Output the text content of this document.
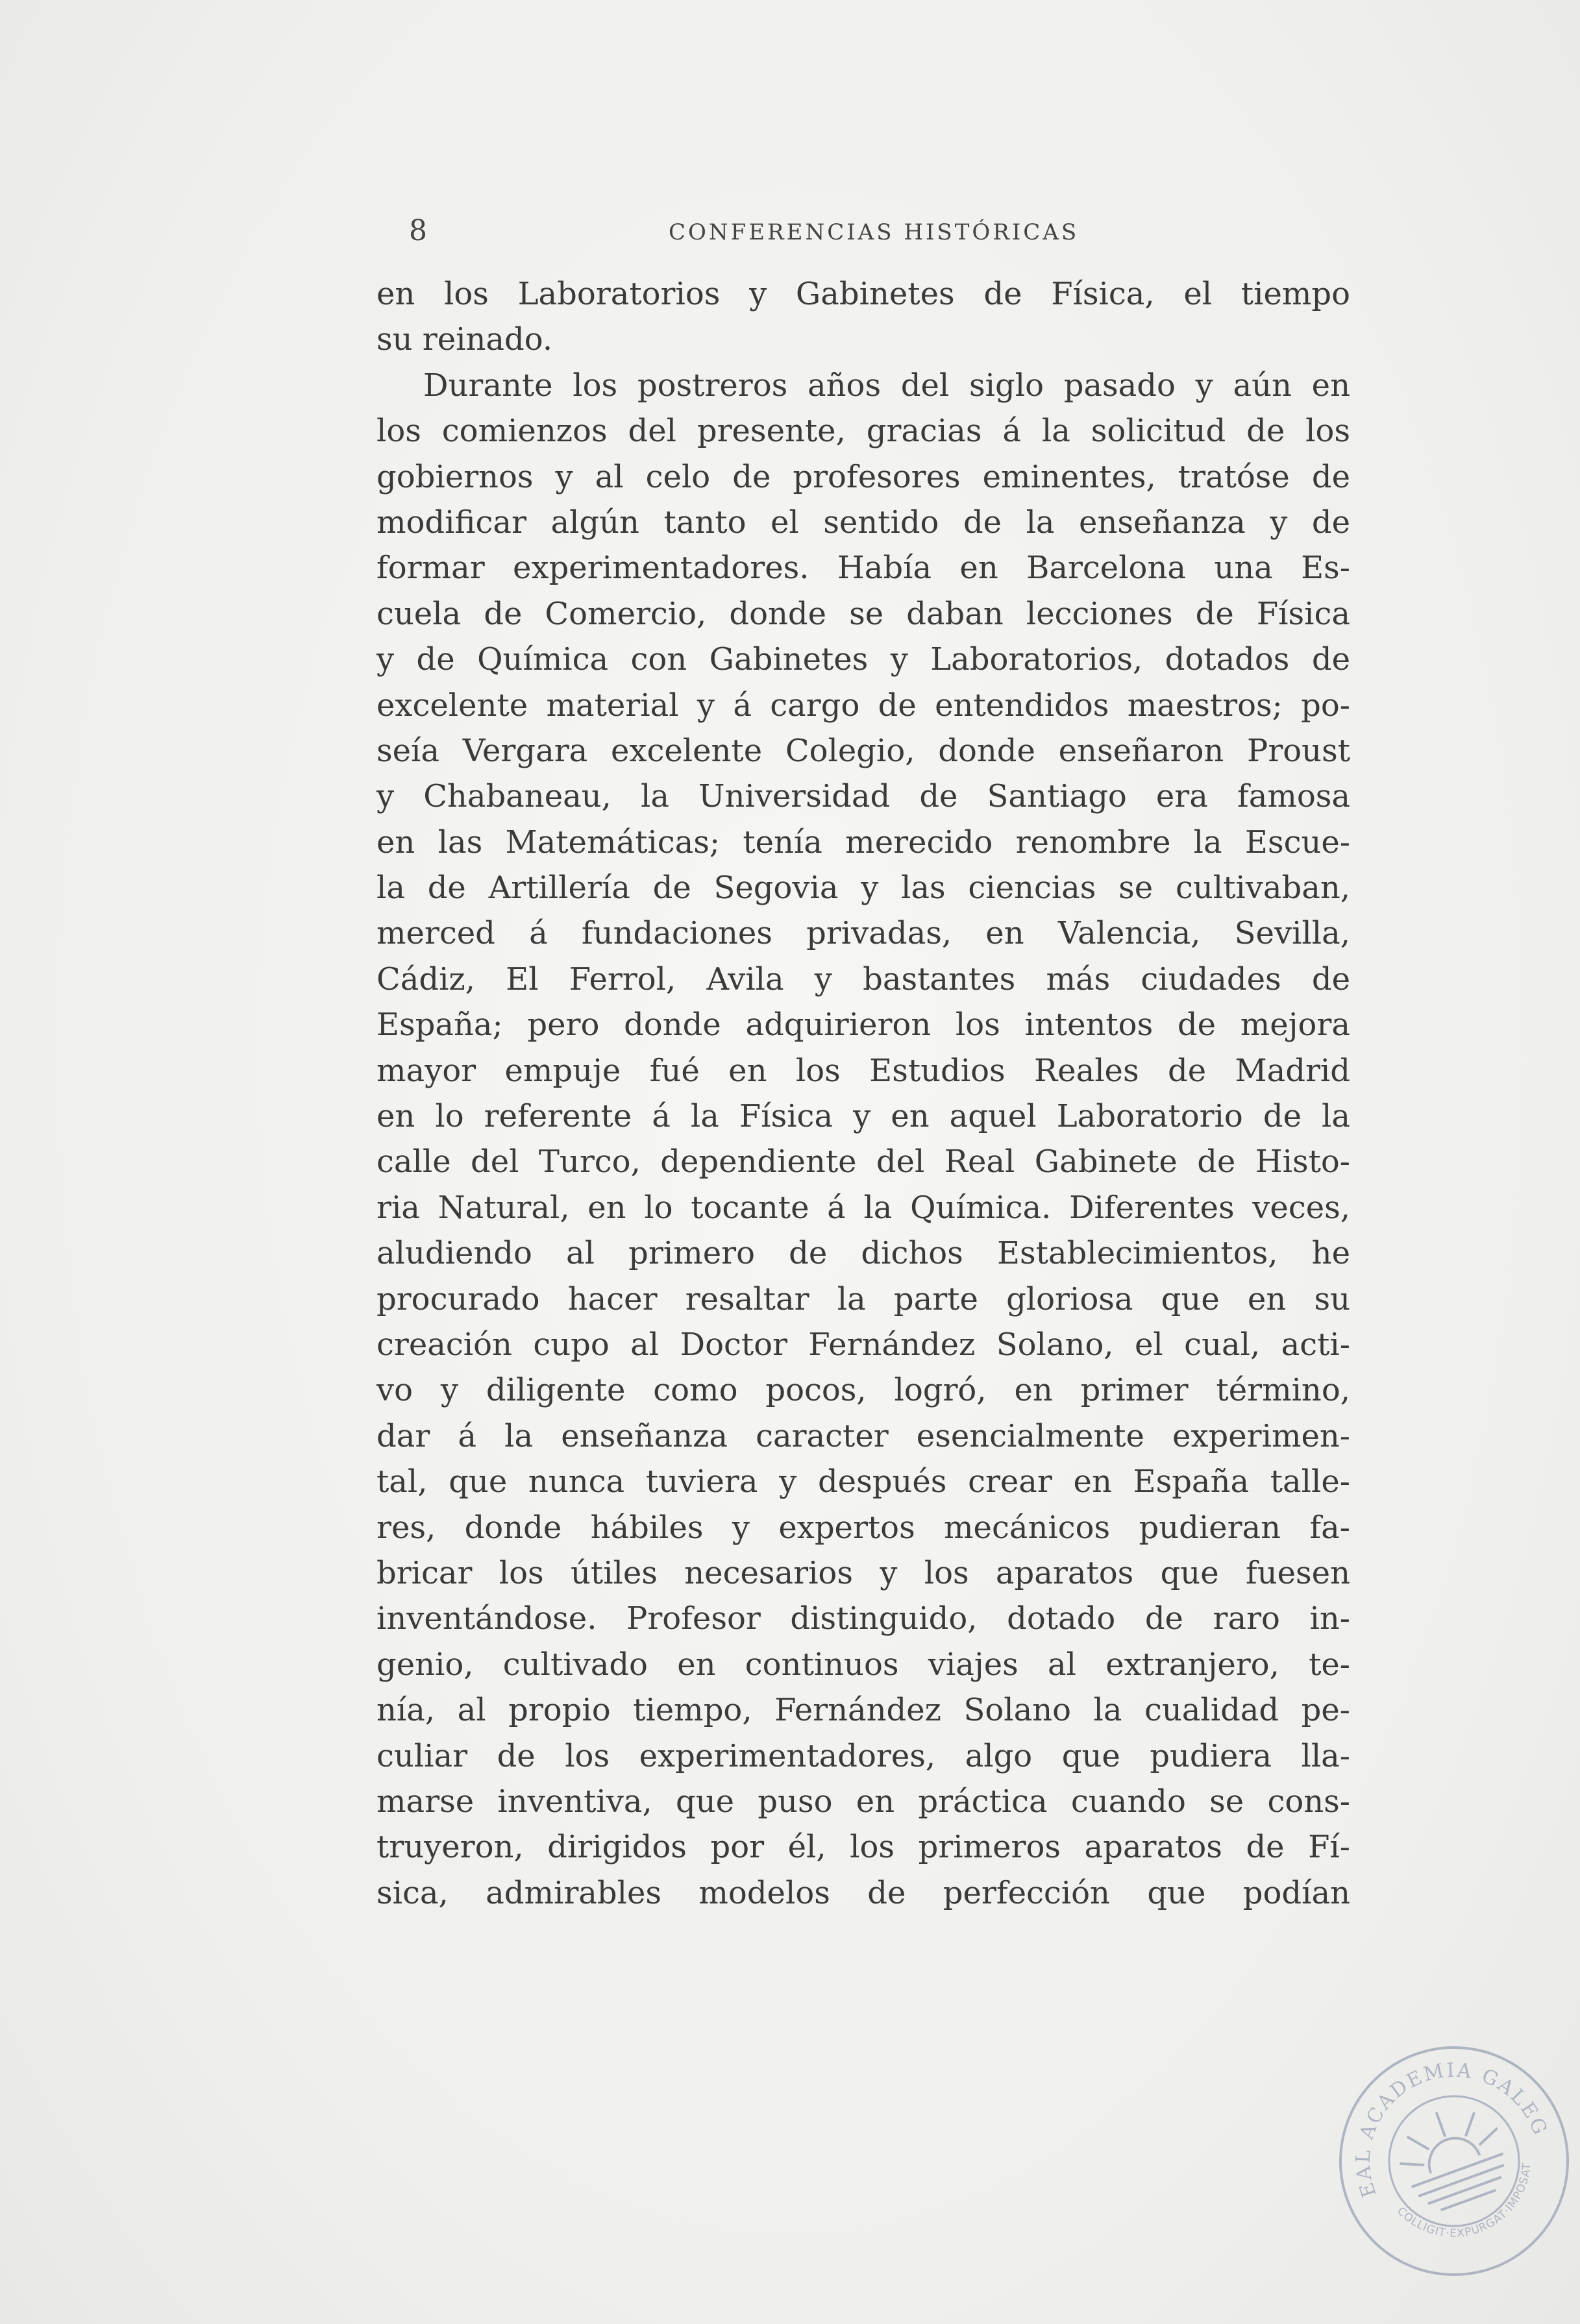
8	CONFERENCIAS HISTÓRICAS
en los Laboratorios y Gabinetes de Física, el tiempo
su reinado.
Durante los postreros años del siglo pasado y aún en
los comienzos del presente, gracias á la solicitud de los
gobiernos y al celo de profesores eminentes, tratóse de
modificar algún tanto el sentido de la enseñanza y de
formar experimentadores. Había en Barcelona una Es-
cuela de Comercio, donde se daban lecciones de Física
y de Química con Gabinetes y Laboratorios, dotados de
excelente material y á cargo de entendidos maestros; po-
seía Vergara excelente Colegio, donde enseñaron Proust
y Chabaneau, la Universidad de Santiago era famosa
en las Matemáticas; tenía merecido renombre la Escue-
la de Artillería de Segovia y las ciencias se cultivaban,
merced á fundaciones privadas, en Valencia, Sevilla,
Cádiz, El Ferrol, Avila y bastantes más ciudades de
España; pero donde adquirieron los intentos de mejora
mayor empuje fué en los Estudios Reales de Madrid
en lo referente á la Física y en aquel Laboratorio de la
calle del Turco, dependiente del Real Gabinete de Histo-
ria Natural, en lo tocante á la Química. Diferentes veces,
aludiendo al primero de dichos Establecimientos, he
procurado hacer resaltar la parte gloriosa que en su
creación cupo al Doctor Fernández Solano, el cual, acti-
vo y diligente como pocos, logró, en primer término,
dar á la enseñanza caracter esencialmente experimen-
tal, que nunca tuviera y después crear en España talle-
res, donde hábiles y expertos mecánicos pudieran fa-
bricar los útiles necesarios y los aparatos que fuesen
inventándose. Profesor distinguido, dotado de raro in-
genio, cultivado en continuos viajes al extranjero, te-
nía, al propio tiempo, Fernández Solano la cualidad pe-
culiar de los experimentadores, algo que pudiera lla-
marse inventiva, que puso en práctica cuando se cons-
truyeron, dirigidos por él, los primeros aparatos de Fí-
sica, admirables modelos de perfección que podían
REAL ACADEMIA GALEGA
COLLIGIT·EXPURGAT·IMPOSAT
